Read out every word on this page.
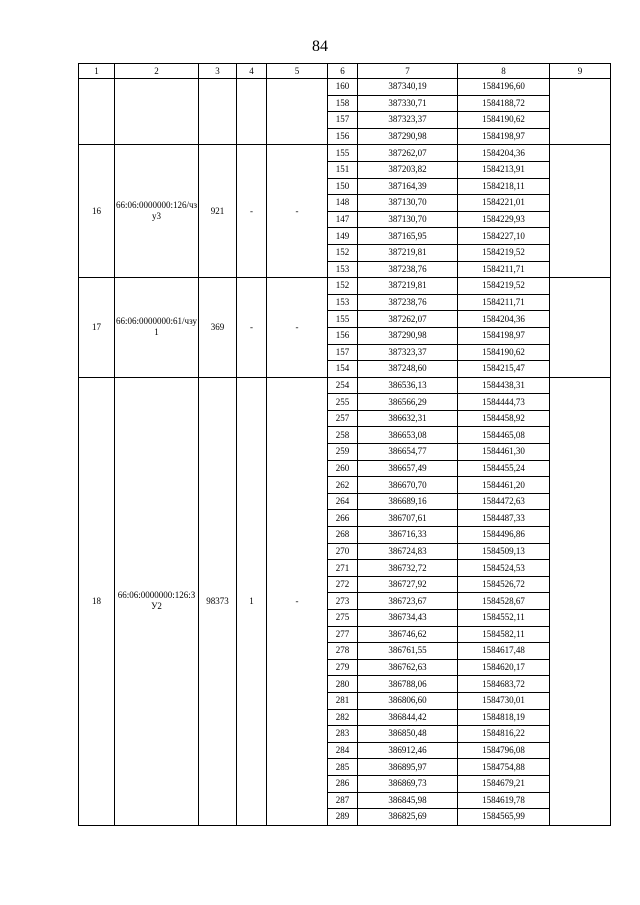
84
1	2	3	4	5	6	7	8	9
					160	387340,19	1584196,60	
					158	387330,71	1584188,72	
					157	387323,37	1584190,62	
					156	387290,98	1584198,97	
16	66:06:0000000:126/чзу3	921	-	-	155	387262,07	1584204,36	
					151	387203,82	1584213,91	
					150	387164,39	1584218,11	
					148	387130,70	1584221,01	
					147	387130,70	1584229,93	
					149	387165,95	1584227,10	
					152	387219,81	1584219,52	
					153	387238,76	1584211,71	
17	66:06:0000000:61/чзу1	369	-	-	152	387219,81	1584219,52	
					153	387238,76	1584211,71	
					155	387262,07	1584204,36	
					156	387290,98	1584198,97	
					157	387323,37	1584190,62	
					154	387248,60	1584215,47	
18	66:06:0000000:126:ЗУ2	98373	1	-	254	386536,13	1584438,31	
					255	386566,29	1584444,73	
					257	386632,31	1584458,92	
					258	386653,08	1584465,08	
					259	386654,77	1584461,30	
					260	386657,49	1584455,24	
					262	386670,70	1584461,20	
					264	386689,16	1584472,63	
					266	386707,61	1584487,33	
					268	386716,33	1584496,86	
					270	386724,83	1584509,13	
					271	386732,72	1584524,53	
					272	386727,92	1584526,72	
					273	386723,67	1584528,67	
					275	386734,43	1584552,11	
					277	386746,62	1584582,11	
					278	386761,55	1584617,48	
					279	386762,63	1584620,17	
					280	386788,06	1584683,72	
					281	386806,60	1584730,01	
					282	386844,42	1584818,19	
					283	386850,48	1584816,22	
					284	386912,46	1584796,08	
					285	386895,97	1584754,88	
					286	386869,73	1584679,21	
					287	386845,98	1584619,78	
					289	386825,69	1584565,99	
